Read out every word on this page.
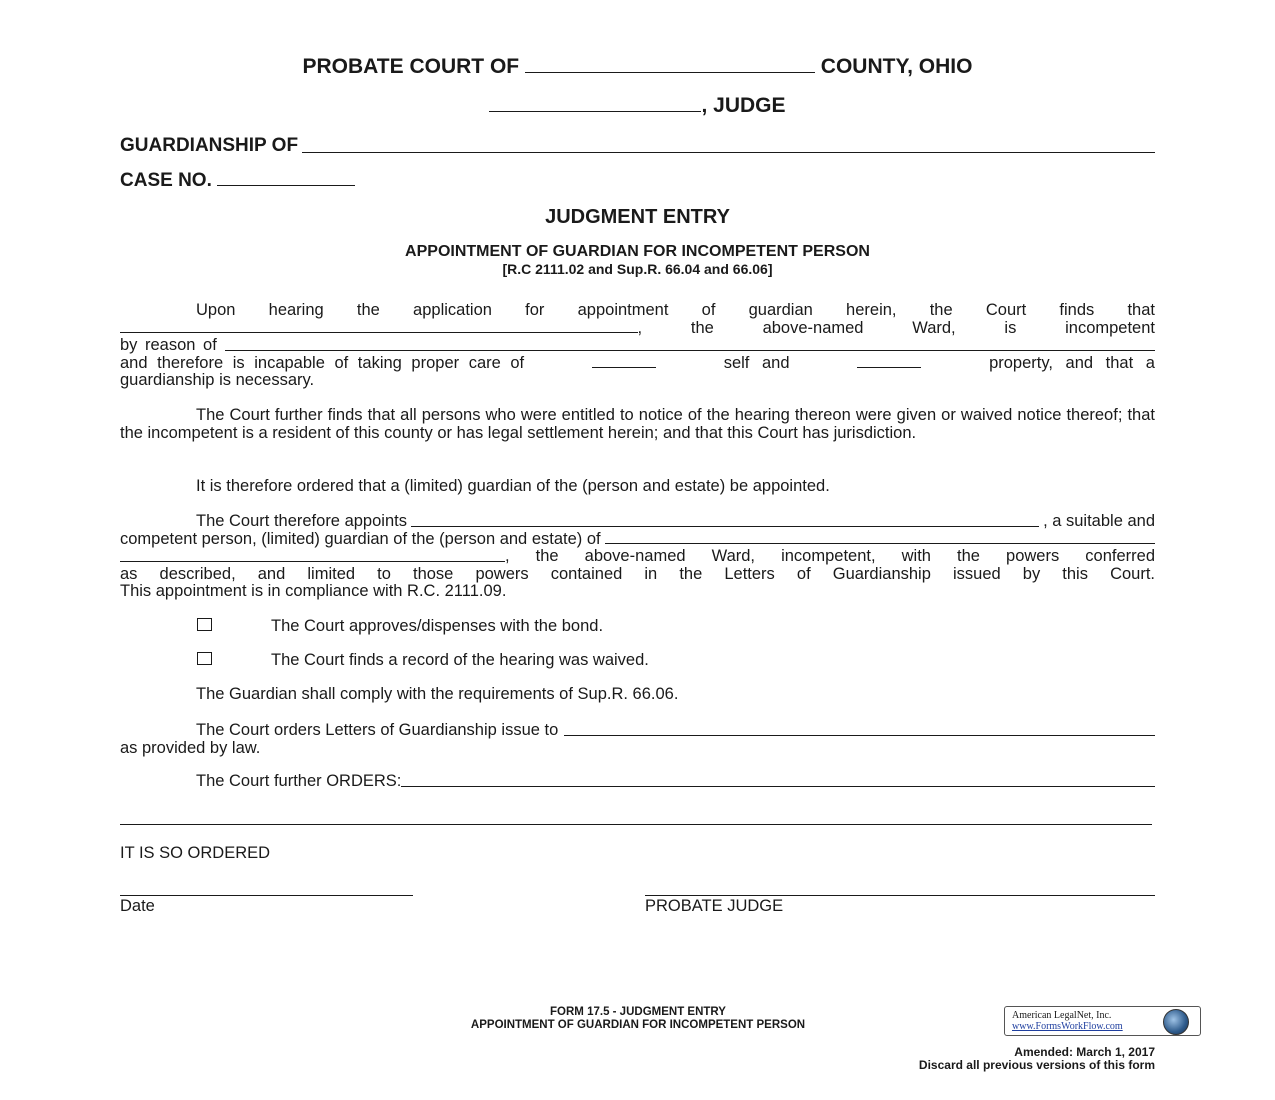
PROBATE COURT OF	COUNTY, OHIO
, JUDGE
GUARDIANSHIP OF
CASE NO.
JUDGMENT ENTRY
APPOINTMENT OF GUARDIAN FOR INCOMPETENT PERSON
[R.C 2111.02 and Sup.R. 66.04 and 66.06]
Upon hearing the application for appointment of guardian herein, the Court finds that
, the above-named Ward, is incompetent
by reason of
and therefore is incapable of taking proper care of	self and	property, and that a
guardianship is necessary.
The Court further finds that all persons who were entitled to notice of the hearing thereon were given or waived notice thereof; that the incompetent is a resident of this county or has legal settlement herein; and that this Court has jurisdiction.
It is therefore ordered that a (limited) guardian of the (person and estate) be appointed.
The Court therefore appoints	, a suitable and
competent person, (limited) guardian of the (person and estate) of
, the above-named Ward, incompetent, with the powers conferred
as described, and limited to those powers contained in the Letters of Guardianship issued by this Court.
This appointment is in compliance with R.C. 2111.09.
The Court approves/dispenses with the bond.
The Court finds a record of the hearing was waived.
The Guardian shall comply with the requirements of Sup.R. 66.06.
The Court orders Letters of Guardianship issue to
as provided by law.
The Court further ORDERS:
IT IS SO ORDERED
Date	PROBATE JUDGE
FORM 17.5 - JUDGMENT ENTRY
APPOINTMENT OF GUARDIAN FOR INCOMPETENT PERSON
American LegalNet, Inc.
www.FormsWorkFlow.com
Amended: March 1, 2017
Discard all previous versions of this form
